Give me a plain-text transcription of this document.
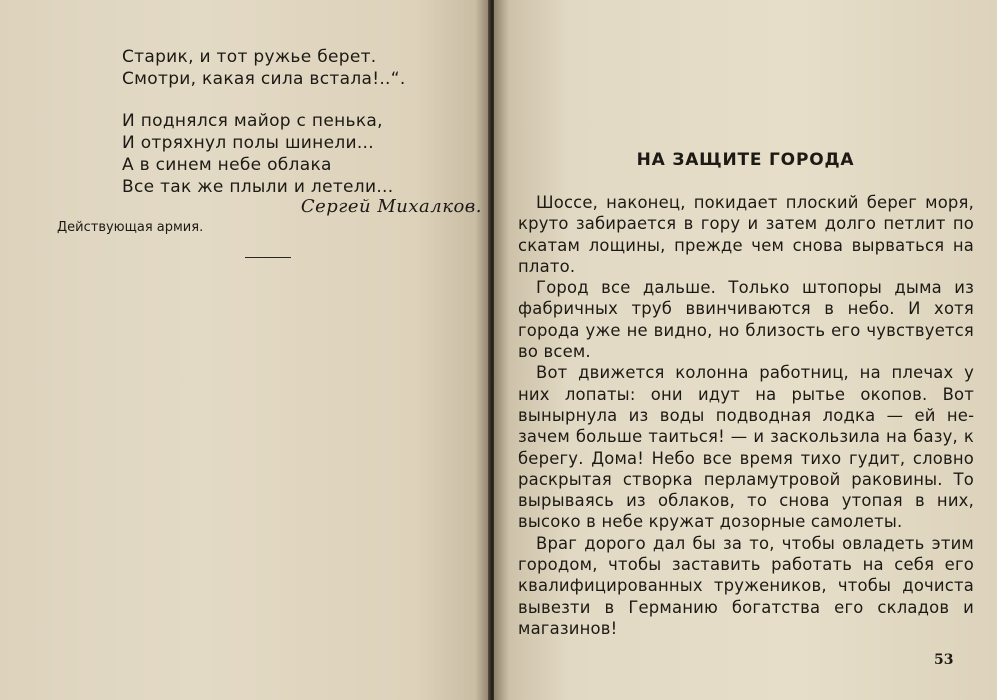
Старик, и тот ружье берет.
Смотри, какая сила встала!..“.
И поднялся майор с пенька,
И отряхнул полы шинели...
А в синем небе облака
Все так же плыли и летели...
Сергей Михалков.
Действующая армия.
НА ЗАЩИТЕ ГОРОДА

Шоссе, наконец, покидает плоский берег моря, круто забирается в гору и затем долго петлит по скатам лощины, прежде чем снова вырваться на плато.

Город все дальше. Только штопоры дыма из фабричных труб ввинчиваются в небо. И хотя города уже не видно, но близость его чувствуется во всем.

Вот движется колонна работниц, на плечах у них лопаты: они идут на рытье окопов. Вот вынырнула из воды подводная лодка — ей незачем больше таиться! — и заскользила на базу, к берегу. Дома! Небо все время тихо гудит, словно раскрытая створка перламутровой раковины. То вырываясь из облаков, то снова утопая в них, высоко в небе кружат дозорные самолеты.

Враг дорого дал бы за то, чтобы овладеть этим городом, чтобы заставить работать на себя его квалифицированных тружеников, чтобы дочиста вывезти в Германию богатства его складов и магазинов!

53
